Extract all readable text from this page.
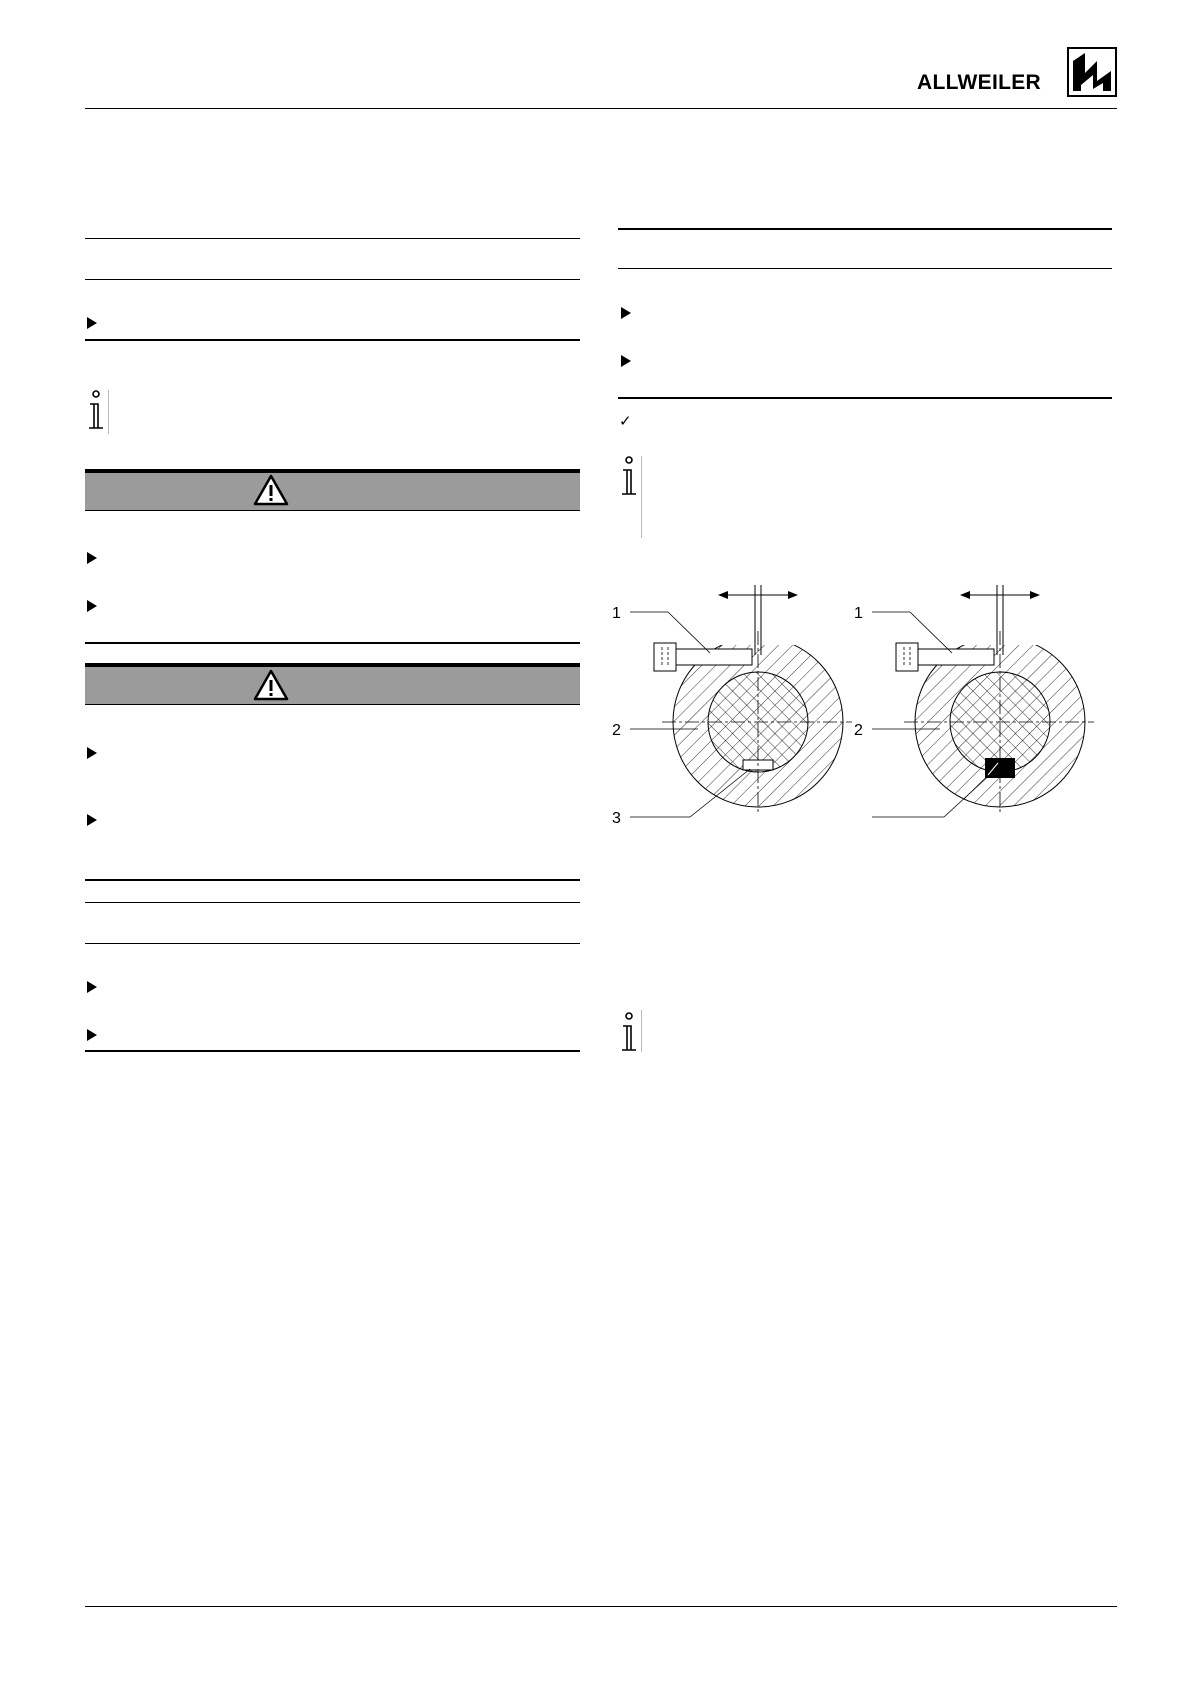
ALLWEILER
✓
1
2
3
1
2
